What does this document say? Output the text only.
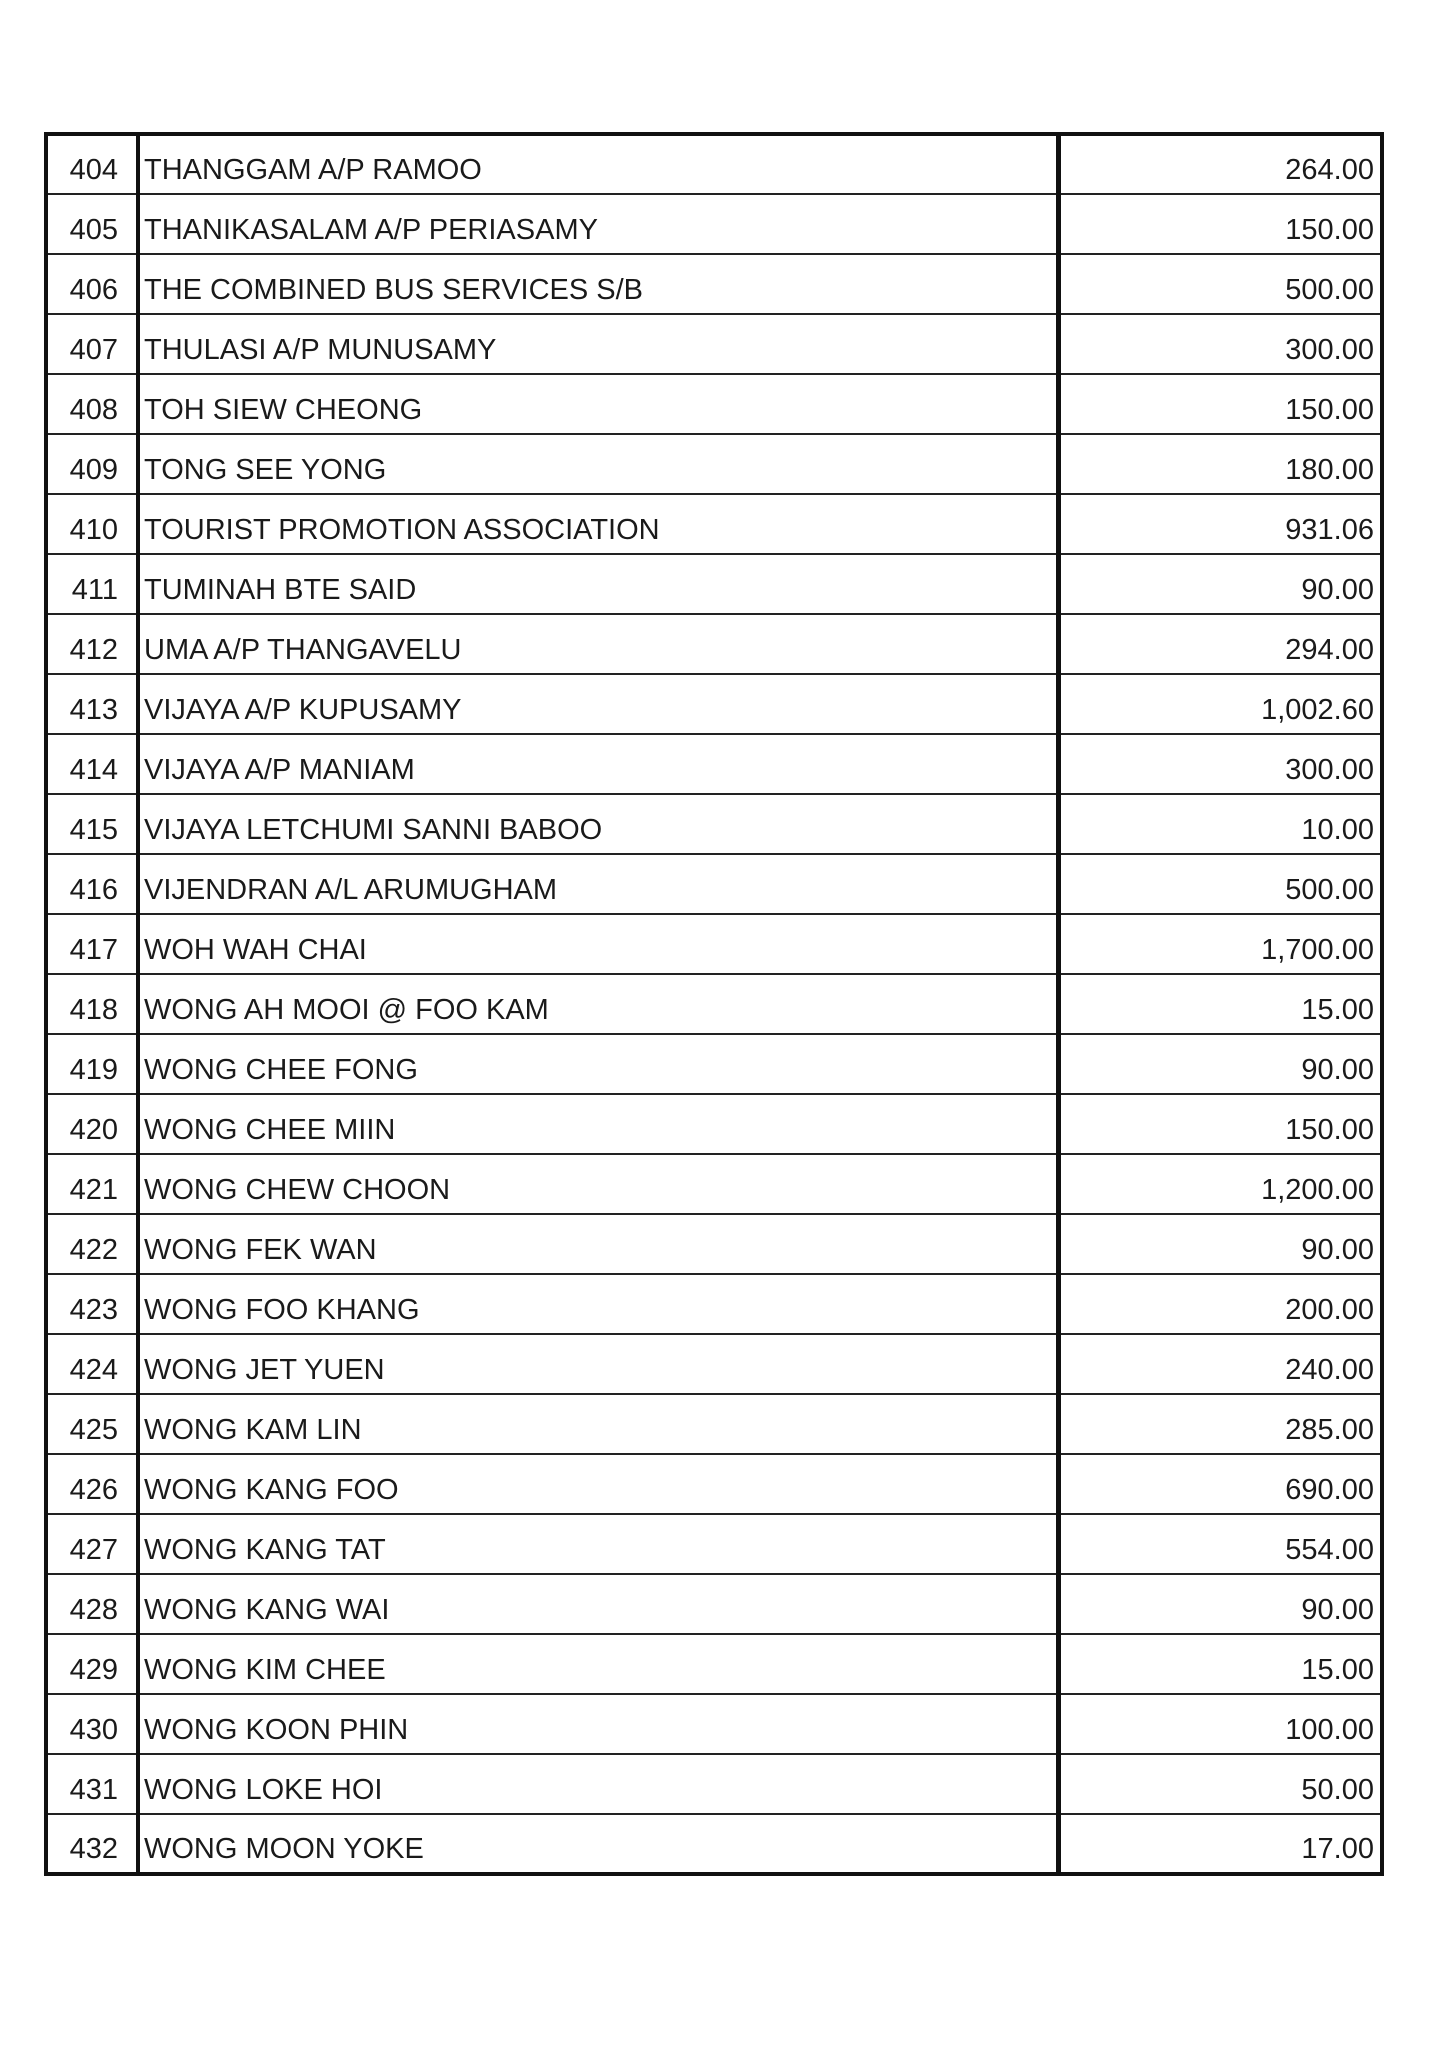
404	THANGGAM A/P RAMOO	264.00
405	THANIKASALAM A/P PERIASAMY	150.00
406	THE COMBINED BUS SERVICES S/B	500.00
407	THULASI A/P MUNUSAMY	300.00
408	TOH SIEW CHEONG	150.00
409	TONG SEE YONG	180.00
410	TOURIST PROMOTION ASSOCIATION	931.06
411	TUMINAH BTE SAID	90.00
412	UMA A/P THANGAVELU	294.00
413	VIJAYA A/P KUPUSAMY	1,002.60
414	VIJAYA A/P MANIAM	300.00
415	VIJAYA LETCHUMI SANNI BABOO	10.00
416	VIJENDRAN A/L ARUMUGHAM	500.00
417	WOH WAH CHAI	1,700.00
418	WONG AH MOOI @ FOO KAM	15.00
419	WONG CHEE FONG	90.00
420	WONG CHEE MIIN	150.00
421	WONG CHEW CHOON	1,200.00
422	WONG FEK WAN	90.00
423	WONG FOO KHANG	200.00
424	WONG JET YUEN	240.00
425	WONG KAM LIN	285.00
426	WONG KANG FOO	690.00
427	WONG KANG TAT	554.00
428	WONG KANG WAI	90.00
429	WONG KIM CHEE	15.00
430	WONG KOON PHIN	100.00
431	WONG LOKE HOI	50.00
432	WONG MOON YOKE	17.00
